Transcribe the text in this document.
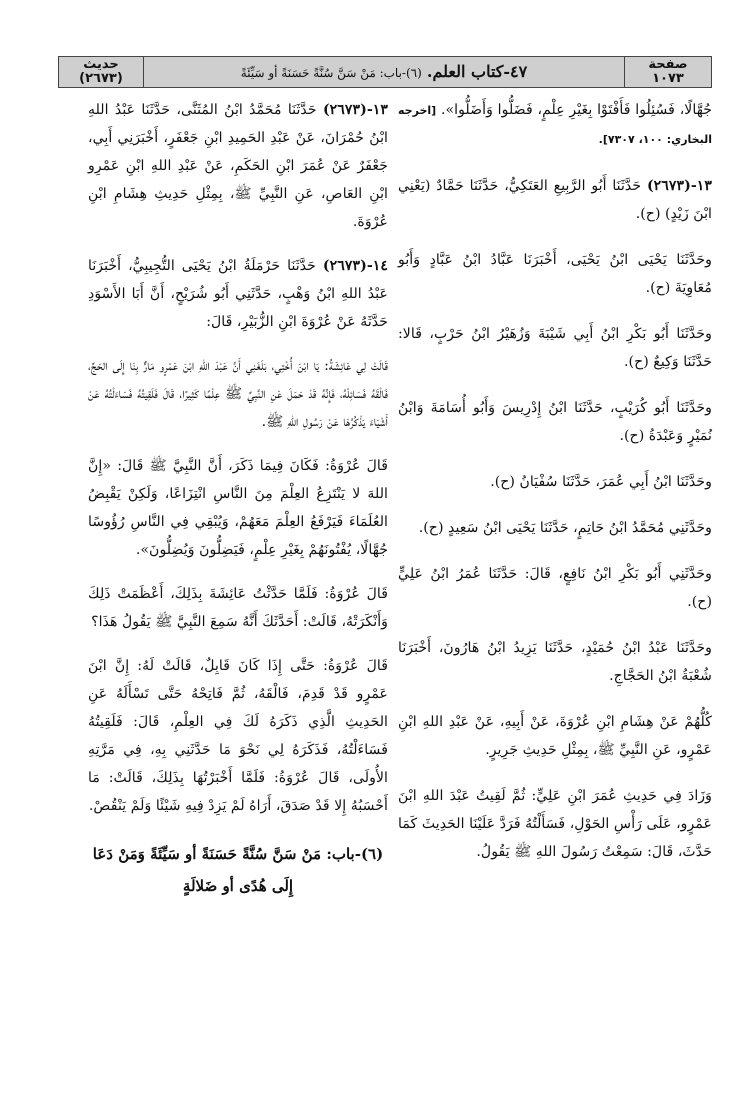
حديث
(٢٦٧٣)	٤٧-كتاب العلم. (٦)-باب: مَنْ سَنَّ سُنَّةً حَسَنَةً أو سَيِّئَةً
صفحة
١٠٧٣

جُهَّالًا، فَسُئِلُوا فَأَفْتَوْا بِغَيْرِ عِلْمٍ، فَضَلُّوا وَأَضَلُّوا». [اخرجه البخاري: ١٠٠، ٧٣٠٧].

١٣-(٢٦٧٣) حَدَّثَنَا أَبُو الرَّبِيعِ العَتَكِيُّ، حَدَّثَنَا حَمَّادٌ (يَعْنِي ابْنَ زَيْدٍ) (ح).

وحَدَّثَنَا يَحْيَى ابْنُ يَحْيَى، أَخْبَرَنَا عَبَّادُ ابْنُ عَبَّادٍ وَأَبُو مُعَاوِيَةَ (ح).

وحَدَّثَنَا أَبُو بَكْرِ ابْنُ أَبِي شَيْبَةَ وَزُهَيْرُ ابْنُ حَرْبٍ، قَالا: حَدَّثَنَا وَكِيعٌ (ح).

وحَدَّثَنَا أَبُو كُرَيْبٍ، حَدَّثَنَا ابْنُ إِدْرِيسَ وَأَبُو أُسَامَةَ وَابْنُ نُمَيْرٍ وَعَبْدَةُ (ح).

وحَدَّثَنَا ابْنُ أَبِي عُمَرَ، حَدَّثَنَا سُفْيَانُ (ح).

وحَدَّثَنِي مُحَمَّدُ ابْنُ حَاتِمٍ، حَدَّثَنَا يَحْيَى ابْنُ سَعِيدٍ (ح).

وحَدَّثَنِي أَبُو بَكْرِ ابْنُ نَافِعٍ، قَالَ: حَدَّثَنَا عُمَرُ ابْنُ عَلِيٍّ (ح).

وحَدَّثَنَا عَبْدُ ابْنُ حُمَيْدٍ، حَدَّثَنَا يَزِيدُ ابْنُ هَارُونَ، أَخْبَرَنَا شُعْبَةُ ابْنُ الحَجَّاجِ.

كُلُّهُمْ عَنْ هِشَامِ ابْنِ عُرْوَةَ، عَنْ أَبِيهِ، عَنْ عَبْدِ اللهِ ابْنِ عَمْرٍو، عَنِ النَّبِيِّ ﷺ، بِمِثْلِ حَدِيثِ جَرِيرٍ.

وَزَادَ فِي حَدِيثِ عُمَرَ ابْنِ عَلِيٍّ: ثُمَّ لَقِيتُ عَبْدَ اللهِ ابْنَ عَمْرٍو، عَلَى رَأْسِ الحَوْلِ، فَسَأَلْتُهُ فَرَدَّ عَلَيْنَا الحَدِيثَ كَمَا حَدَّثَ، قَالَ: سَمِعْتُ رَسُولَ اللهِ ﷺ يَقُولُ.

١٣-(٢٦٧٣) حَدَّثَنَا مُحَمَّدُ ابْنُ المُثَنَّى، حَدَّثَنَا عَبْدُ اللهِ ابْنُ حُمْرَانَ، عَنْ عَبْدِ الحَمِيدِ ابْنِ جَعْفَرٍ، أَخْبَرَنِي أَبِي، جَعْفَرٌ عَنْ عُمَرَ ابْنِ الحَكَمِ، عَنْ عَبْدِ اللهِ ابْنِ عَمْرِو ابْنِ العَاصِ، عَنِ النَّبِيِّ ﷺ، بِمِثْلِ حَدِيثِ هِشَامِ ابْنِ عُرْوَةَ.

١٤-(٢٦٧٣) حَدَّثَنَا حَرْمَلَةُ ابْنُ يَحْيَى التُّجِيبِيُّ، أَخْبَرَنَا عَبْدُ اللهِ ابْنُ وَهْبٍ، حَدَّثَنِي أَبُو شُرَيْحٍ، أَنَّ أَبَا الأَسْوَدِ حَدَّثَهُ عَنْ عُرْوَةَ ابْنِ الزُّبَيْرِ، قَالَ:

قَالَتْ لِي عَائِشَةُ: يَا ابْنَ أُخْتِي، بَلَغَنِي أَنَّ عَبْدَ اللهِ ابْنَ عَمْرٍو مَارٌّ بِنَا إِلَى الحَجِّ، فَالْقَهُ فَسَائِلْهُ، فَإِنَّهُ قَدْ حَمَلَ عَنِ النَّبِيِّ ﷺ عِلْمًا كَثِيرًا، قَالَ فَلَقِيتُهُ فَسَاءَلْتُهُ عَنْ أَشْيَاءَ يَذْكُرُهَا عَنْ رَسُولِ اللهِ ﷺ.

قَالَ عُرْوَةُ: فَكَانَ فِيمَا ذَكَرَ، أَنَّ النَّبِيَّ ﷺ قَالَ: «إِنَّ اللهَ لا يَنْتَزِعُ العِلْمَ مِنَ النَّاسِ انْتِزَاعًا، وَلَكِنْ يَقْبِضُ العُلَمَاءَ فَيَرْفَعُ العِلْمَ مَعَهُمْ، وَيُبْقِي فِي النَّاسِ رُؤُوسًا جُهَّالًا، يُفْتُونَهُمْ بِغَيْرِ عِلْمٍ، فَيَضِلُّونَ وَيُضِلُّونَ».

قَالَ عُرْوَةُ: فَلَمَّا حَدَّثْتُ عَائِشَةَ بِذَلِكَ، أَعْظَمَتْ ذَلِكَ وَأَنْكَرَتْهُ، قَالَتْ: أَحَدَّثَكَ أَنَّهُ سَمِعَ النَّبِيَّ ﷺ يَقُولُ هَذَا؟

قَالَ عُرْوَةُ: حَتَّى إِذَا كَانَ قَابِلٌ، قَالَتْ لَهُ: إِنَّ ابْنَ عَمْرٍو قَدْ قَدِمَ، فَالْقَهُ، ثُمَّ فَاتِحْهُ حَتَّى تَسْأَلَهُ عَنِ الحَدِيثِ الَّذِي ذَكَرَهُ لَكَ فِي العِلْمِ، قَالَ: فَلَقِيتُهُ فَسَاءَلْتُهُ، فَذَكَرَهُ لِي نَحْوَ مَا حَدَّثَنِي بِهِ، فِي مَرَّتِهِ الأُولَى، قَالَ عُرْوَةُ: فَلَمَّا أَخْبَرْتُهَا بِذَلِكَ، قَالَتْ: مَا أَحْسَبُهُ إِلا قَدْ صَدَقَ، أَرَاهُ لَمْ يَزِدْ فِيهِ شَيْئًا وَلَمْ يَنْقُصْ.

(٦)-باب: مَنْ سَنَّ سُنَّةً حَسَنَةً أو سَيِّئَةً وَمَنْ دَعَا إِلَى هُدًى أو ضَلالَةٍ
